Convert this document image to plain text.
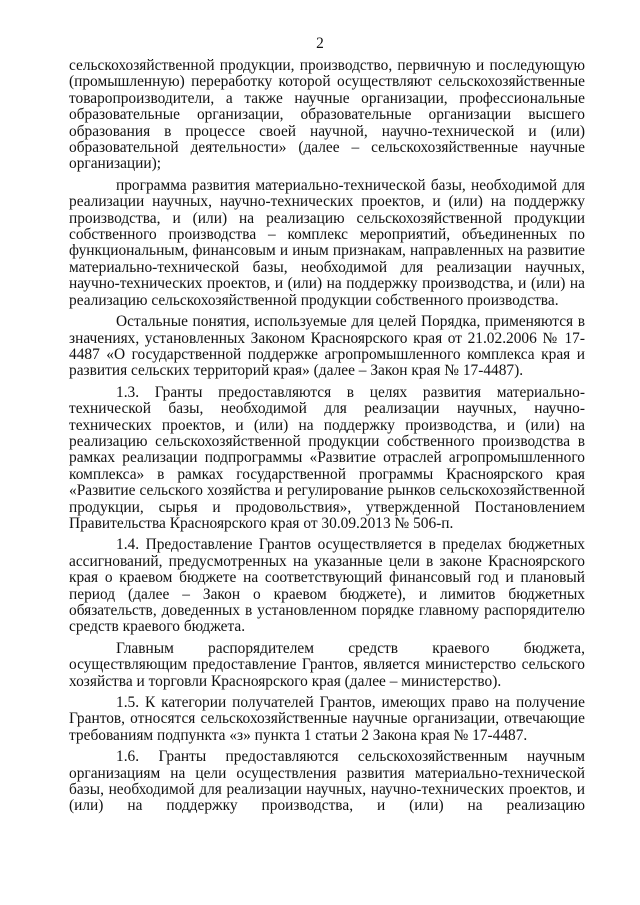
2

сельскохозяйственной продукции, производство, первичную и последующую (промышленную) переработку которой осуществляют сельскохозяйственные товаропроизводители, а также научные организации, профессиональные образовательные организации, образовательные организации высшего образования в процессе своей научной, научно-технической и (или) образовательной деятельности» (далее – сельскохозяйственные научные организации);

программа развития материально-технической базы, необходимой для реализации научных, научно-технических проектов, и (или) на поддержку производства, и (или) на реализацию сельскохозяйственной продукции собственного производства – комплекс мероприятий, объединенных по функциональным, финансовым и иным признакам, направленных на развитие материально-технической базы, необходимой для реализации научных, научно-технических проектов, и (или) на поддержку производства, и (или) на реализацию сельскохозяйственной продукции собственного производства.

Остальные понятия, используемые для целей Порядка, применяются в значениях, установленных Законом Красноярского края от 21.02.2006 № 17-4487 «О государственной поддержке агропромышленного комплекса края и развития сельских территорий края» (далее – Закон края № 17-4487).

1.3. Гранты предоставляются в целях развития материально-технической базы, необходимой для реализации научных, научно-технических проектов, и (или) на поддержку производства, и (или) на реализацию сельскохозяйственной продукции собственного производства в рамках реализации подпрограммы «Развитие отраслей агропромышленного комплекса» в рамках государственной программы Красноярского края «Развитие сельского хозяйства и регулирование рынков сельскохозяйственной продукции, сырья и продовольствия», утвержденной Постановлением Правительства Красноярского края от 30.09.2013 № 506-п.

1.4. Предоставление Грантов осуществляется в пределах бюджетных ассигнований, предусмотренных на указанные цели в законе Красноярского края о краевом бюджете на соответствующий финансовый год и плановый период (далее – Закон о краевом бюджете), и лимитов бюджетных обязательств, доведенных в установленном порядке главному распорядителю средств краевого бюджета.

Главным распорядителем средств краевого бюджета, осуществляющим предоставление Грантов, является министерство сельского хозяйства и торговли Красноярского края (далее – министерство).

1.5. К категории получателей Грантов, имеющих право на получение Грантов, относятся сельскохозяйственные научные организации, отвечающие требованиям подпункта «з» пункта 1 статьи 2 Закона края № 17-4487.

1.6. Гранты предоставляются сельскохозяйственным научным организациям на цели осуществления развития материально-технической базы, необходимой для реализации научных, научно-технических проектов, и (или) на поддержку производства, и (или) на реализацию
